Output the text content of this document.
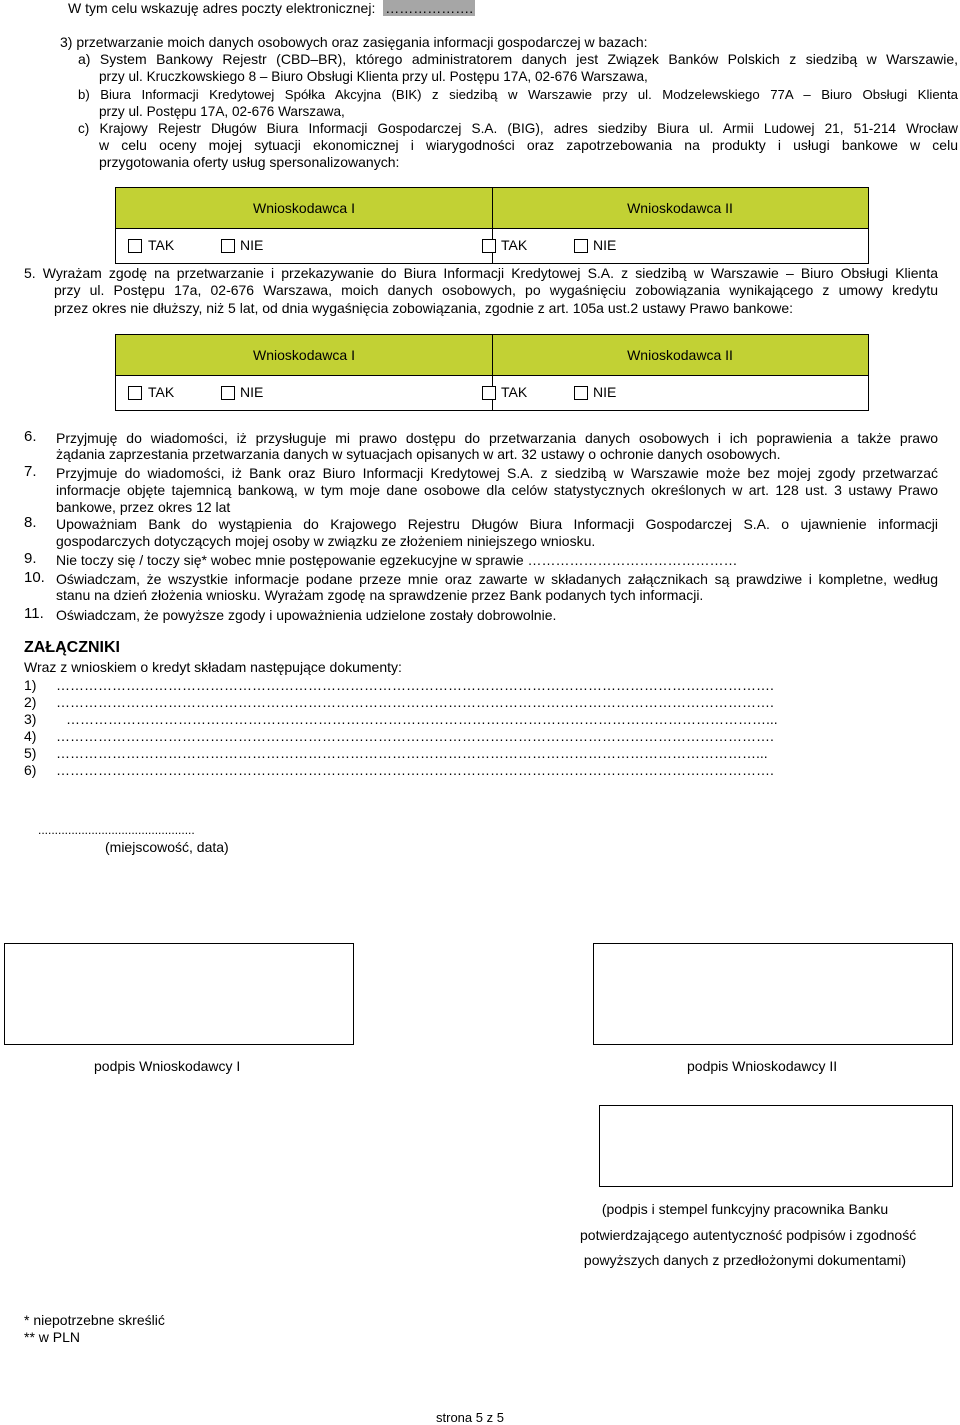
W tym celu wskazuję adres poczty elektronicznej: ……………….
3) przetwarzanie moich danych osobowych oraz zasięgania informacji gospodarczej w bazach:
a) System Bankowy Rejestr (CBD–BR), którego administratorem danych jest Związek Banków Polskich z siedzibą w Warszawie,
przy ul. Kruczkowskiego 8 – Biuro Obsługi Klienta przy ul. Postępu 17A, 02-676 Warszawa,
b) Biura Informacji Kredytowej Spółka Akcyjna (BIK) z siedzibą w Warszawie przy ul. Modzelewskiego 77A – Biuro Obsługi Klienta
przy ul. Postępu 17A, 02-676 Warszawa,
c) Krajowy Rejestr Długów Biura Informacji Gospodarczej S.A. (BIG), adres siedziby Biura ul. Armii Ludowej 21, 51-214 Wrocław
w celu oceny mojej sytuacji ekonomicznej i wiarygodności oraz zapotrzebowania na produkty i usługi bankowe w celu
przygotowania oferty usług spersonalizowanych:
Wnioskodawca I	Wnioskodawca II
TAK	NIE	TAK	NIE
5. Wyrażam zgodę na przetwarzanie i przekazywanie do Biura Informacji Kredytowej S.A. z siedzibą w Warszawie – Biuro Obsługi Klienta
przy ul. Postępu 17a, 02-676 Warszawa, moich danych osobowych, po wygaśnięciu zobowiązania wynikającego z umowy kredytu
przez okres nie dłuższy, niż 5 lat, od dnia wygaśnięcia zobowiązania, zgodnie z art. 105a ust.2 ustawy Prawo bankowe:
Wnioskodawca I	Wnioskodawca II
TAK	NIE	TAK	NIE
6. Przyjmuję do wiadomości, iż przysługuje mi prawo dostępu do przetwarzania danych osobowych i ich poprawienia a także prawo
żądania zaprzestania przetwarzania danych w sytuacjach opisanych w art. 32 ustawy o ochronie danych osobowych.
7. Przyjmuje do wiadomości, iż Bank oraz Biuro Informacji Kredytowej S.A. z siedzibą w Warszawie może bez mojej zgody przetwarzać
informacje objęte tajemnicą bankową, w tym moje dane osobowe dla celów statystycznych określonych w art. 128 ust. 3 ustawy Prawo
bankowe, przez okres 12 lat
8. Upoważniam Bank do wystąpienia do Krajowego Rejestru Długów Biura Informacji Gospodarczej S.A. o ujawnienie informacji
gospodarczych dotyczących mojej osoby w związku ze złożeniem niniejszego wniosku.
9. Nie toczy się / toczy się* wobec mnie postępowanie egzekucyjne w sprawie ………………………………………
10. Oświadczam, że wszystkie informacje podane przeze mnie oraz zawarte w składanych załącznikach są prawdziwe i kompletne, według
stanu na dzień złożenia wniosku. Wyrażam zgodę na sprawdzenie przez Bank podanych tych informacji.
11. Oświadczam, że powyższe zgody i upoważnienia udzielone zostały dobrowolnie.
ZAŁĄCZNIKI
Wraz z wnioskiem o kredyt składam następujące dokumenty:
1) ……………………………………………………………………………………………………………………………………….
2) ……………………………………………………………………………………………………………………………………….
3) ……………………………………………………………………………………………………………………………………...
4) ……………………………………………………………………………………………………………………………………….
5) ……………………………………………………………………………………………………………………………………...
6) ……………………………………………………………………………………………………………………………………….
...............................................
(miejscowość, data)
podpis Wnioskodawcy I	podpis Wnioskodawcy II
(podpis i stempel funkcyjny pracownika Banku
potwierdzającego autentyczność podpisów i zgodność
powyższych danych z przedłożonymi dokumentami)
* niepotrzebne skreślić
** w PLN
strona 5 z 5
